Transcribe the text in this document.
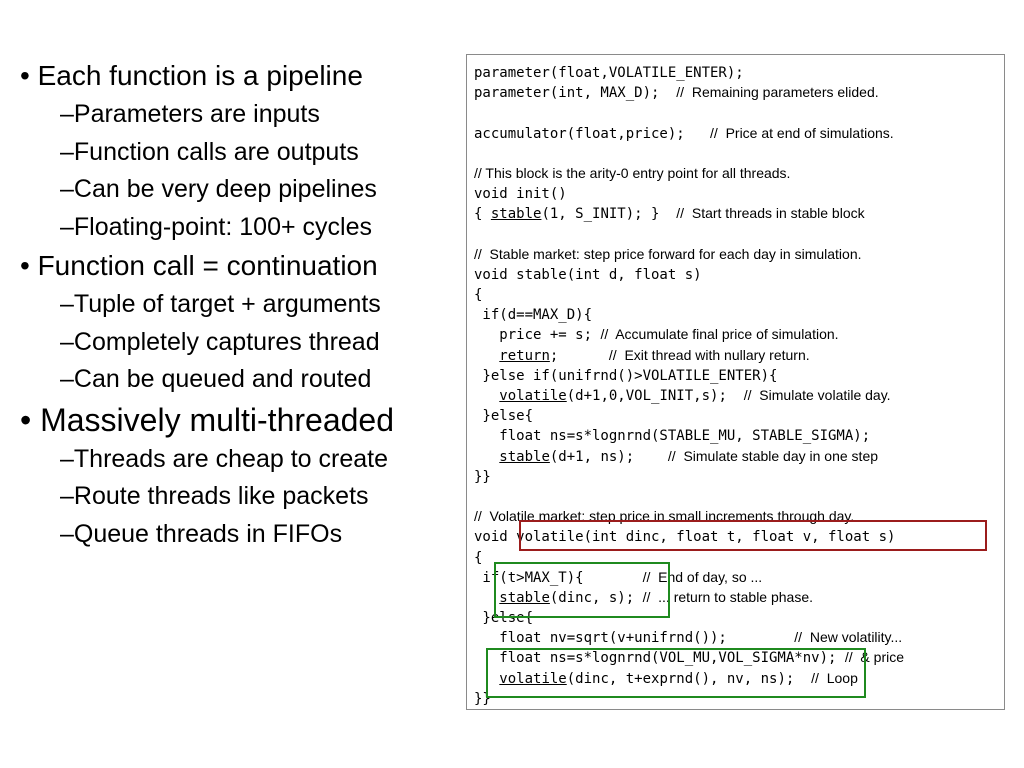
• Each function is a pipeline
–Parameters are inputs
–Function calls are outputs
–Can be very deep pipelines
–Floating-point: 100+ cycles
• Function call = continuation
–Tuple of target + arguments
–Completely captures thread
–Can be queued and routed
• Massively multi-threaded
–Threads are cheap to create
–Route threads like packets
–Queue threads in FIFOs
parameter(float,VOLATILE_ENTER);
parameter(int, MAX_D);  //  Remaining parameters elided.
accumulator(float,price);   //  Price at end of simulations.
// This block is the arity-0 entry point for all threads.
void init()
{ stable(1, S_INIT); }  //  Start threads in stable block
//  Stable market: step price forward for each day in simulation.
void stable(int d, float s)
{
if(d==MAX_D){
price += s; //  Accumulate final price of simulation.
return;      //  Exit thread with nullary return.
}else if(unifrnd()>VOLATILE_ENTER){
volatile(d+1,0,VOL_INIT,s);  //  Simulate volatile day.
}else{
float ns=s*lognrnd(STABLE_MU, STABLE_SIGMA);
stable(d+1, ns);    //  Simulate stable day in one step
}}
//  Volatile market: step price in small increments through day.
void volatile(int dinc, float t, float v, float s)
{
if(t>MAX_T){       //  End of day, so ...
stable(dinc, s); //  ... return to stable phase.
}else{
float nv=sqrt(v+unifrnd());        //  New volatility...
float ns=s*lognrnd(VOL_MU,VOL_SIGMA*nv); //  & price
volatile(dinc, t+exprnd(), nv, ns);  //  Loop
}}
